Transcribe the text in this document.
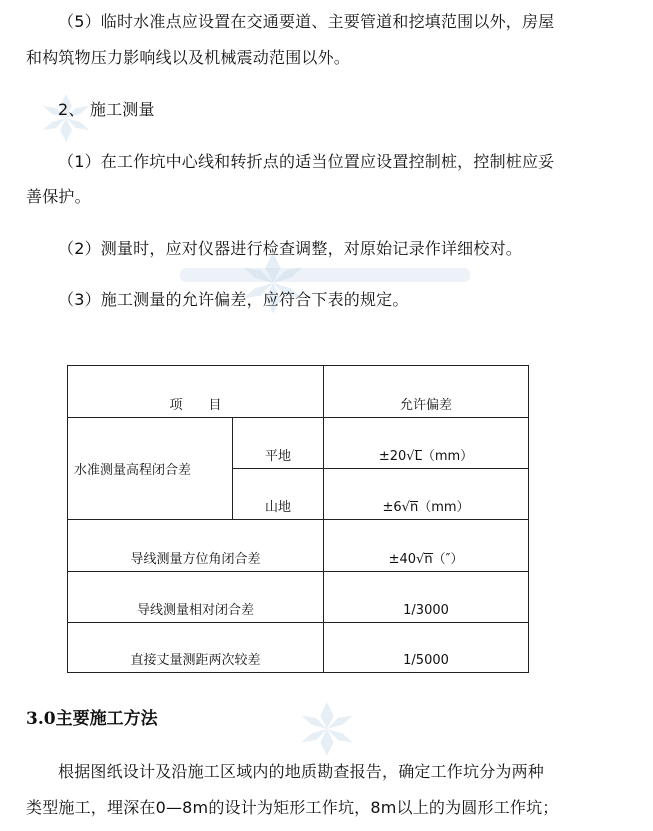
（5）临时水准点应设置在交通要道、主要管道和挖填范围以外，房屋
和构筑物压力影响线以及机械震动范围以外。
2、 施工测量
（1）在工作坑中心线和转折点的适当位置应设置控制桩，控制桩应妥
善保护。
（2）测量时，应对仪器进行检查调整，对原始记录作详细校对。
（3）施工测量的允许偏差，应符合下表的规定。
项　　目		允许偏差
水准测量高程闭合差	平地	±20√L（mm）
	山地	±6√n（mm）
导线测量方位角闭合差		±40√n（″）
导线测量相对闭合差		1/3000
直接丈量测距两次较差		1/5000
3.0主要施工方法
根据图纸设计及沿施工区域内的地质勘查报告，确定工作坑分为两种
类型施工，埋深在0—8m的设计为矩形工作坑，8m以上的为圆形工作坑；
